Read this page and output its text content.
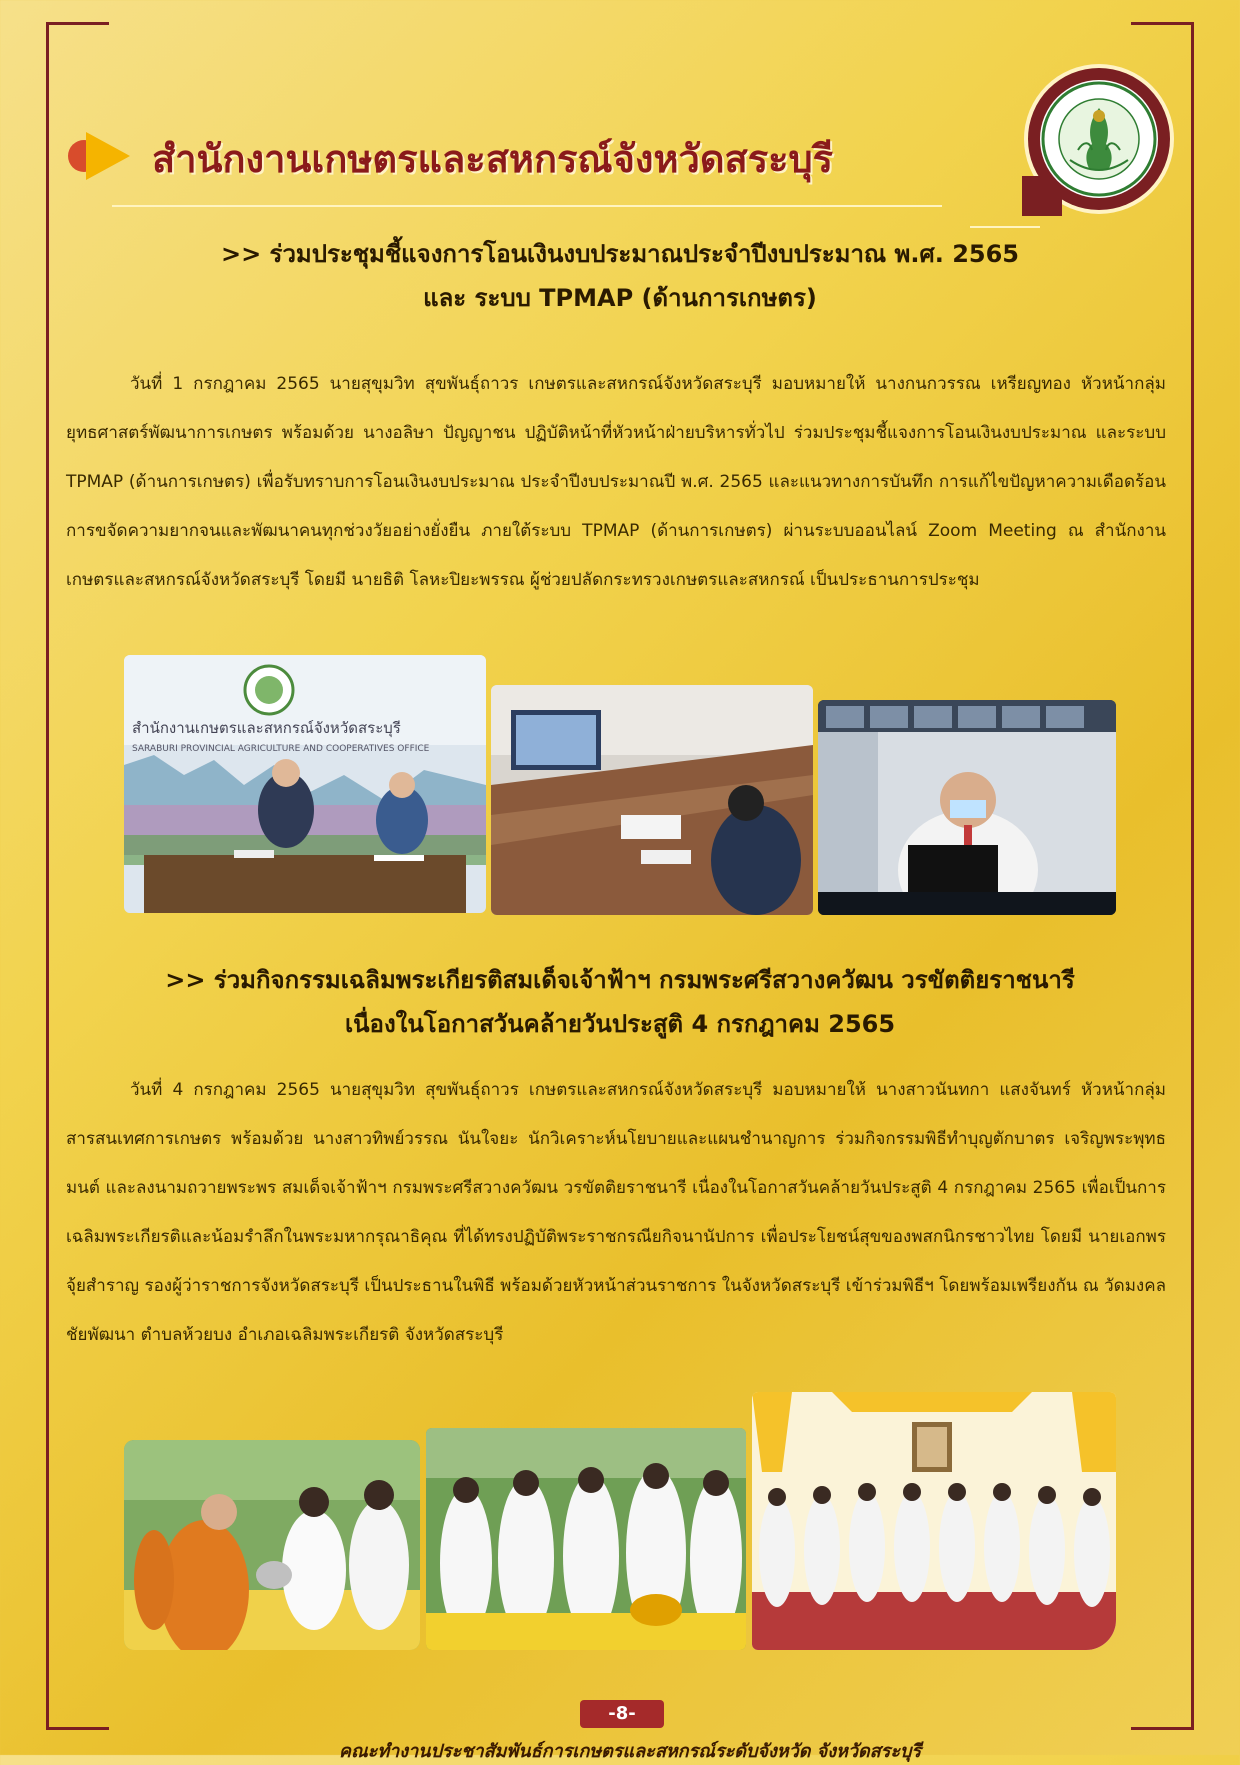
สำนักงานเกษตรและสหกรณ์จังหวัดสระบุรี
>> ร่วมประชุมชี้แจงการโอนเงินงบประมาณประจำปีงบประมาณ พ.ศ. 2565
และ ระบบ TPMAP (ด้านการเกษตร)
วันที่ 1 กรกฎาคม 2565 นายสุขุมวิท สุขพันธุ์ถาวร เกษตรและสหกรณ์จังหวัดสระบุรี มอบหมายให้ นางกนกวรรณ เหรียญทอง หัวหน้ากลุ่มยุทธศาสตร์พัฒนาการเกษตร พร้อมด้วย นางอลิษา ปัญญาชน ปฏิบัติหน้าที่หัวหน้าฝ่ายบริหารทั่วไป ร่วมประชุมชี้แจงการโอนเงินงบประมาณ และระบบ TPMAP (ด้านการเกษตร) เพื่อรับทราบการโอนเงินงบประมาณ ประจำปีงบประมาณปี พ.ศ. 2565 และแนวทางการบันทึก การแก้ไขปัญหาความเดือดร้อน การขจัดความยากจนและพัฒนาคนทุกช่วงวัยอย่างยั่งยืน ภายใต้ระบบ TPMAP (ด้านการเกษตร) ผ่านระบบออนไลน์ Zoom Meeting ณ สำนักงานเกษตรและสหกรณ์จังหวัดสระบุรี โดยมี นายธิติ โลหะปิยะพรรณ ผู้ช่วยปลัดกระทรวงเกษตรและสหกรณ์ เป็นประธานการประชุม
สำนักงานเกษตรและสหกรณ์จังหวัดสระบุรี
SARABURI PROVINCIAL AGRICULTURE AND COOPERATIVES OFFICE
>> ร่วมกิจกรรมเฉลิมพระเกียรติสมเด็จเจ้าฟ้าฯ กรมพระศรีสวางควัฒน วรขัตติยราชนารี
เนื่องในโอกาสวันคล้ายวันประสูติ 4 กรกฎาคม 2565
วันที่ 4 กรกฎาคม 2565 นายสุขุมวิท สุขพันธุ์ถาวร เกษตรและสหกรณ์จังหวัดสระบุรี มอบหมายให้ นางสาวนันทกา แสงจันทร์ หัวหน้ากลุ่มสารสนเทศการเกษตร พร้อมด้วย นางสาวทิพย์วรรณ นันใจยะ นักวิเคราะห์นโยบายและแผนชำนาญการ ร่วมกิจกรรมพิธีทำบุญตักบาตร เจริญพระพุทธมนต์ และลงนามถวายพระพร สมเด็จเจ้าฟ้าฯ กรมพระศรีสวางควัฒน วรขัตติยราชนารี เนื่องในโอกาสวันคล้ายวันประสูติ 4 กรกฎาคม 2565 เพื่อเป็นการเฉลิมพระเกียรติและน้อมรำลึกในพระมหากรุณาธิคุณ ที่ได้ทรงปฏิบัติพระราชกรณียกิจนานัปการ เพื่อประโยชน์สุขของพสกนิกรชาวไทย โดยมี นายเอกพร จุ้ยสำราญ รองผู้ว่าราชการจังหวัดสระบุรี เป็นประธานในพิธี พร้อมด้วยหัวหน้าส่วนราชการ ในจังหวัดสระบุรี เข้าร่วมพิธีฯ โดยพร้อมเพรียงกัน ณ วัดมงคลชัยพัฒนา ตำบลห้วยบง อำเภอเฉลิมพระเกียรติ จังหวัดสระบุรี
-8-
คณะทำงานประชาสัมพันธ์การเกษตรและสหกรณ์ระดับจังหวัด จังหวัดสระบุรี
